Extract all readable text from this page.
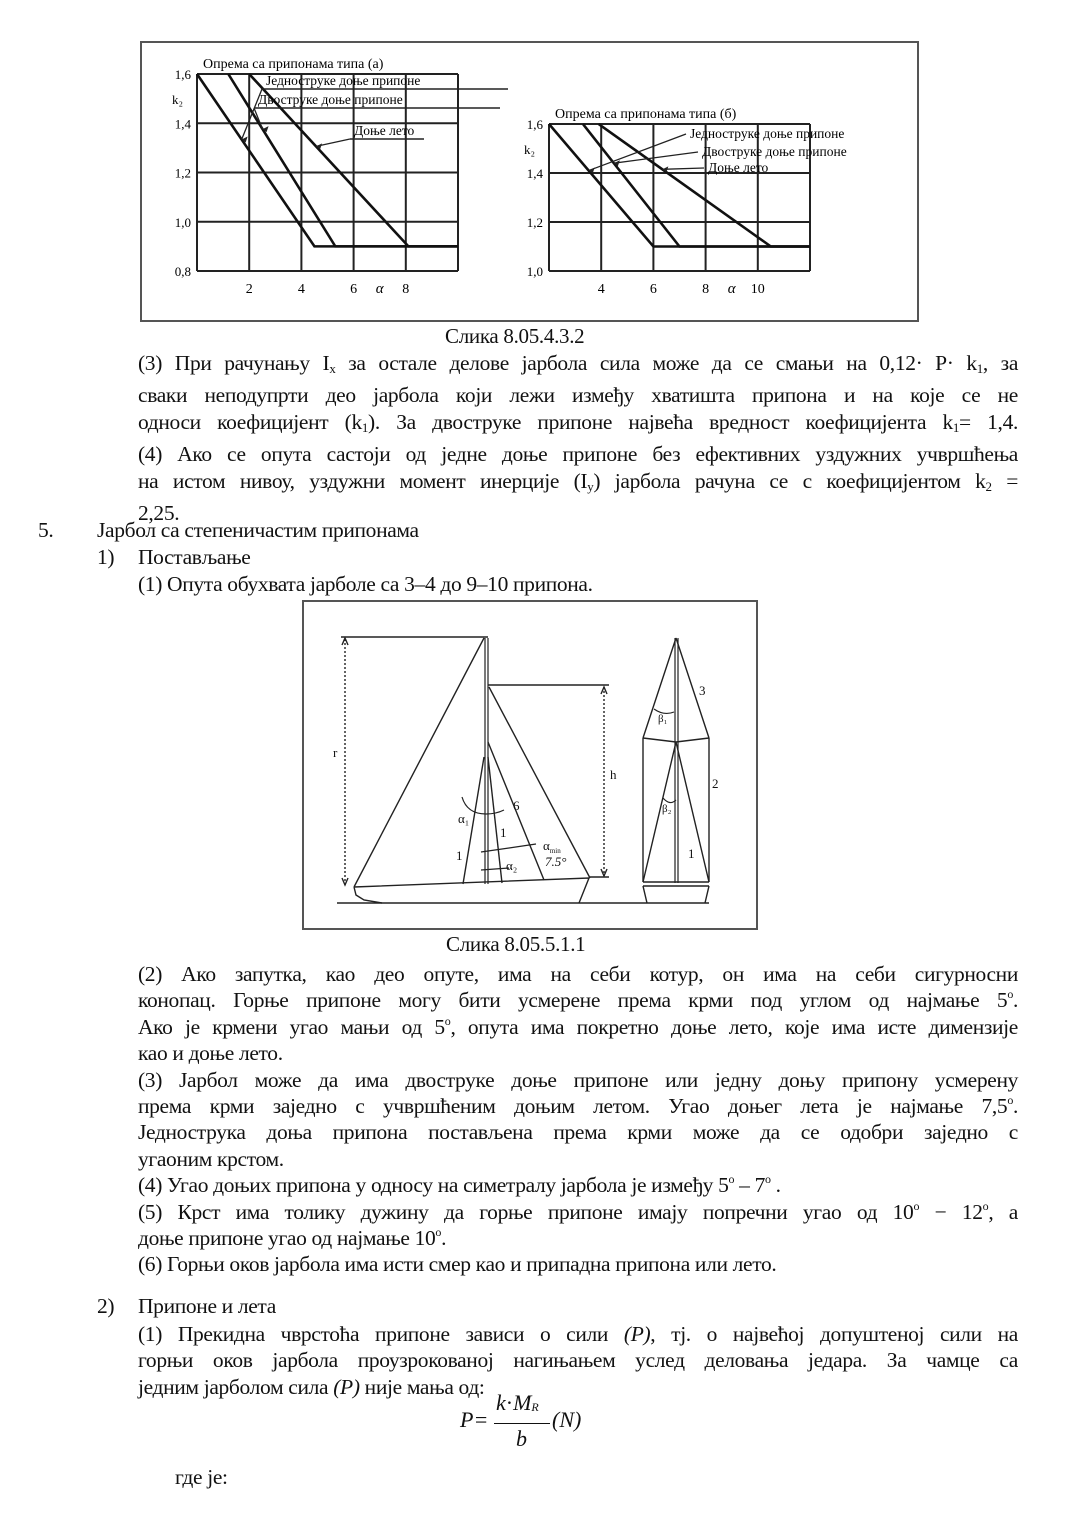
1,6
1,4
1,2
1,0
0,8
2	4	6	8
α
k₂
Опрема са припонама типа (а)
Једноструке доње припоне
Двоструке доње припоне
Доње лето	1,6
1,4
1,2
1,0
4	6	8	10
α
k₂
Опрема са припонама типа (б)
Једноструке доње припоне
Двоструке доње припоне
Доње лето
Слика 8.05.4.3.2
(3) При рачунању $I_x$ за остале делове јарбола сила може да се смањи на $0,12\cdot P\cdot k_1$, за
сваки неподупрти део јарбола који лежи између хватишта припона и на које се не
односи коефицијент $(k_1)$. За двоструке припоне највећа вредност коефицијента $k_1= 1,4$.
(4) Ако се опута састоји од једне доње припоне без ефективних уздужних учвршћења
на истом нивоу, уздужни момент инерције $(I_y)$ јарбола рачуна се с коефицијентом $k_2$ =
2,25.
5. Јарбол са степеничастим припонама
1) Постављање
(1) Опута обухвата јарболе са 3–4 до 9–10 припона.
r
h
6
1
1
α₁
α₂
$\alpha_{min}$
7.5°
3
2
1
β₁
β₂
Слика 8.05.5.1.1
(2) Ако запутка, као део опуте, има на себи котур, он има на себи сигурносни
конопац. Горње припоне могу бити усмерене према крми под углом од најмање 5$^o$.
Ако је крмени угао мањи од 5$^o$, опута има покретно доње лето, које има исте димензије
као и доње лето.
(3) Јарбол може да има двоструке доње припоне или једну доњу припону усмерену
према крми заједно с учвршћеним доњим летом. Угао доњег лета је најмање 7,5$^o$.
Једнострука доња припона постављена према крми може да се одобри заједно с
угаоним крстом.
(4) Угао доњих припона у односу на симетралу јарбола је између 5$^o$ – 7$^o$ .
(5) Крст има толику дужину да горње припоне имају попречни угао од $10^o - 12^o$, а
доње припоне угао од најмање 10$^o$.
(6) Горњи оков јарбола има исти смер као и припадна припона или лето.
2) Припоне и лета
(1) Прекидна чврстоћа припоне зависи о сили (P), тј. о највећој допуштеној сили на
горњи оков јарбола проузрокованој нагињањем услед деловања једара. За чамце са
једним јарболом сила (P) није мања од:
P=
$k\cdot M_R$
b
(N)
где је:
